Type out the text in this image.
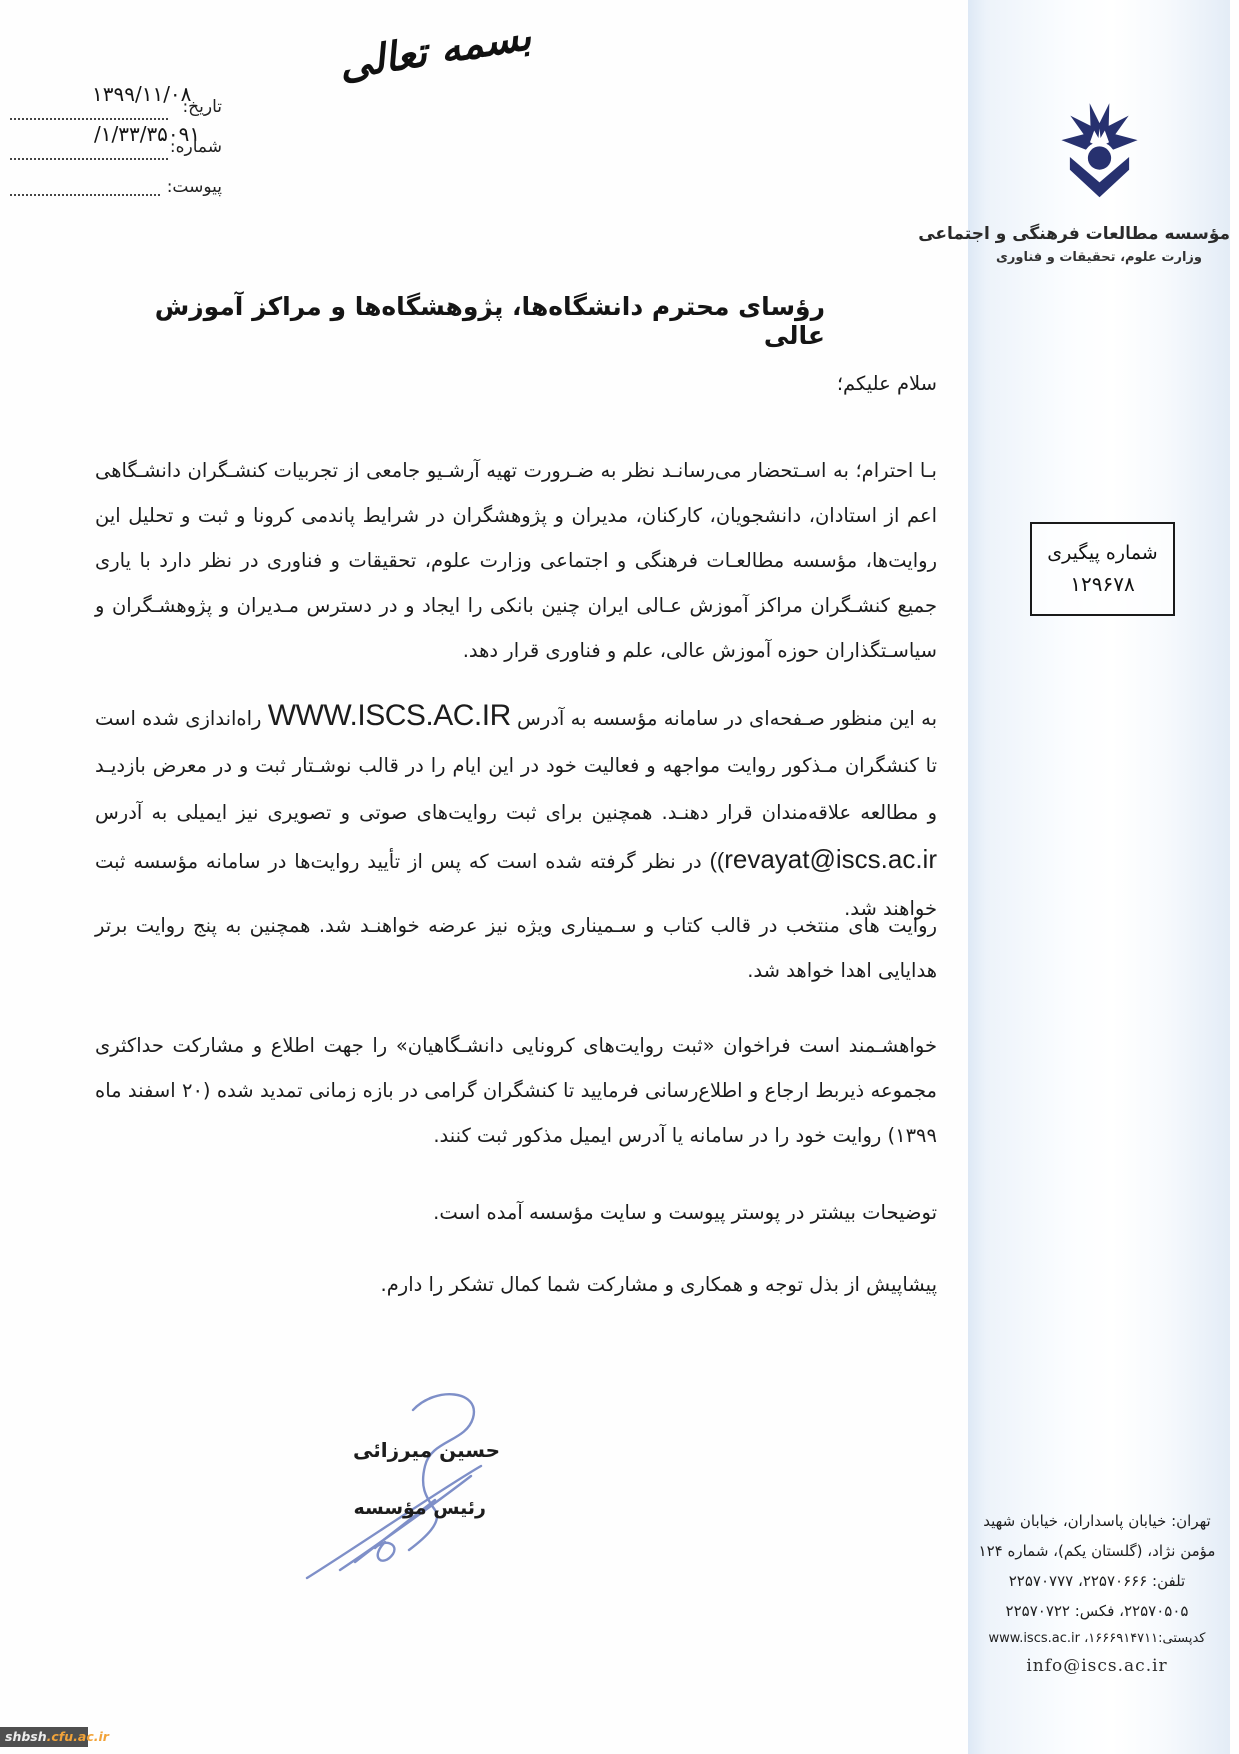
بسمه تعالی
۱۳۹۹/۱۱/۰۸
تاریخ:
/۱/۳۳/۳۵۰۹۱
شماره:
پیوست:
مؤسسه مطالعات فرهنگی و اجتماعی
وزارت علوم، تحقیقات و فناوری
شماره پیگیری
۱۲۹۶۷۸
رؤسای محترم دانشگاه‌ها، پژوهشگاه‌ها و مراکز آموزش عالی
سلام علیکم؛

بـا احترام؛ به اسـتحضار می‌رسانـد نظر به ضـرورت تهیه آرشـیو جامعی از تجربیات کنشـگران دانشـگاهی اعم از استادان، دانشجویان، کارکنان، مدیران و پژوهشگران در شرایط پاندمی کرونا و ثبت و تحلیل این روایت‌ها، مؤسسه مطالعـات فرهنگی و اجتماعی وزارت علوم، تحقیقات و فناوری در نظر دارد با یاری جمیع کنشـگران مراکز آموزش عـالی ایران چنین بانکی را ایجاد و در دسترس مـدیران و پژوهشـگران و سیاسـتگذاران حوزه آموزش عالی، علم و فناوری قرار دهد.

به این منظور صـفحه‌ای در سامانه مؤسسه به آدرس WWW.ISCS.AC.IR راه‌اندازی شده است تا کنشگران مـذکور روایت مواجهه و فعالیت خود در این ایام را در قالب نوشـتار ثبت و در معرض بازدیـد و مطالعه علاقه‌مندان قرار دهنـد. همچنین برای ثبت روایت‌های صوتی و تصویری نیز ایمیلی به آدرس ((revayat@iscs.ac.ir در نظر گرفته شده است که پس از تأیید روایت‌ها در سامانه مؤسسه ثبت خواهند شد.

روایت های منتخب در قالب کتاب و سـمیناری ویژه نیز عرضه خواهنـد شد. همچنین به پنج روایت برتر هدایایی اهدا خواهد شد.

خواهشـمند است فراخوان «ثبت روایت‌های کرونایی دانشـگاهیان» را جهت اطلاع و مشارکت حداکثری مجموعه ذیربط ارجاع و اطلاع‌رسانی فرمایید تا کنشگران گرامی در بازه زمانی تمدید شده (۲۰ اسفند ماه ۱۳۹۹) روایت خود را در سامانه یا آدرس ایمیل مذکور ثبت کنند.

توضیحات بیشتر در پوستر پیوست و سایت مؤسسه آمده است.

پیشاپیش از بذل توجه و همکاری و مشارکت شما کمال تشکر را دارم.

حسین میرزائی
رئیس مؤسسه
تهران: خیابان پاسداران، خیابان شهید
مؤمن نژاد، (گلستان یکم)، شماره ۱۲۴
تلفن: ۲۲۵۷۰۶۶۶، ۲۲۵۷۰۷۷۷
۲۲۵۷۰۵۰۵، فکس: ۲۲۵۷۰۷۲۲
کدپستی:۱۶۶۶۹۱۴۷۱۱، www.iscs.ac.ir
info@iscs.ac.ir
shbsh .cfu.ac.ir
